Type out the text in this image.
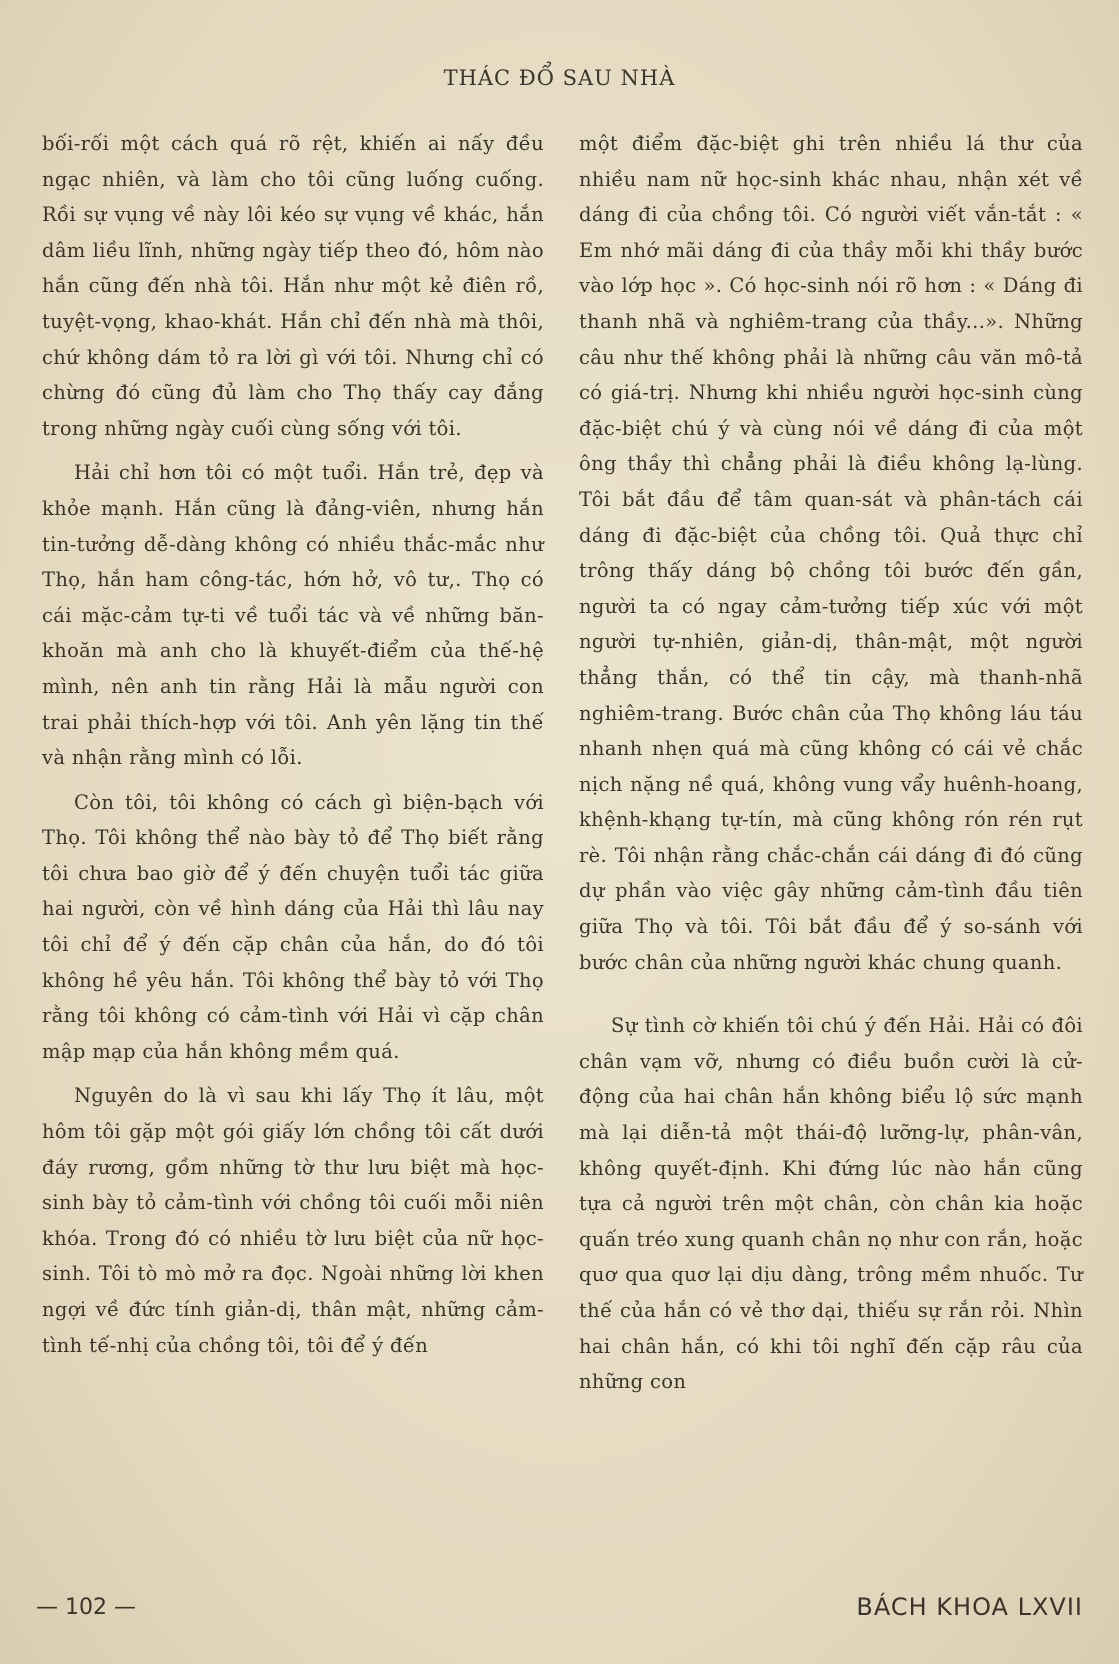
THÁC ĐỔ SAU NHÀ

bối-rối một cách quá rõ rệt, khiến ai nấy đều ngạc nhiên, và làm cho tôi cũng luống cuống. Rồi sự vụng về này lôi kéo sự vụng về khác, hắn dâm liều lĩnh, những ngày tiếp theo đó, hôm nào hắn cũng đến nhà tôi. Hắn như một kẻ điên rồ, tuyệt-vọng, khao-khát. Hắn chỉ đến nhà mà thôi, chứ không dám tỏ ra lời gì với tôi. Nhưng chỉ có chừng đó cũng đủ làm cho Thọ thấy cay đắng trong những ngày cuối cùng sống với tôi.

Hải chỉ hơn tôi có một tuổi. Hắn trẻ, đẹp và khỏe mạnh. Hắn cũng là đảng-viên, nhưng hắn tin-tưởng dễ-dàng không có nhiều thắc-mắc như Thọ, hắn ham công-tác, hớn hở, vô tư,. Thọ có cái mặc-cảm tự-ti về tuổi tác và về những băn-khoăn mà anh cho là khuyết-điểm của thế-hệ mình, nên anh tin rằng Hải là mẫu người con trai phải thích-hợp với tôi. Anh yên lặng tin thế và nhận rằng mình có lỗi.

Còn tôi, tôi không có cách gì biện-bạch với Thọ. Tôi không thể nào bày tỏ để Thọ biết rằng tôi chưa bao giờ để ý đến chuyện tuổi tác giữa hai người, còn về hình dáng của Hải thì lâu nay tôi chỉ để ý đến cặp chân của hắn, do đó tôi không hề yêu hắn. Tôi không thể bày tỏ với Thọ rằng tôi không có cảm-tình với Hải vì cặp chân mập mạp của hắn không mềm quá.

Nguyên do là vì sau khi lấy Thọ ít lâu, một hôm tôi gặp một gói giấy lớn chồng tôi cất dưới đáy rương, gồm những tờ thư lưu biệt mà học-sinh bày tỏ cảm-tình với chồng tôi cuối mỗi niên khóa. Trong đó có nhiều tờ lưu biệt của nữ học-sinh. Tôi tò mò mở ra đọc. Ngoài những lời khen ngợi về đức tính giản-dị, thân mật, những cảm-tình tế-nhị của chồng tôi, tôi để ý đến

một điểm đặc-biệt ghi trên nhiều lá thư của nhiều nam nữ học-sinh khác nhau, nhận xét về dáng đi của chồng tôi. Có người viết vắn-tắt : « Em nhớ mãi dáng đi của thầy mỗi khi thầy bước vào lớp học ». Có học-sinh nói rõ hơn : « Dáng đi thanh nhã và nghiêm-trang của thầy...». Những câu như thế không phải là những câu văn mô-tả có giá-trị. Nhưng khi nhiều người học-sinh cùng đặc-biệt chú ý và cùng nói về dáng đi của một ông thầy thì chẳng phải là điều không lạ-lùng. Tôi bắt đầu để tâm quan-sát và phân-tách cái dáng đi đặc-biệt của chồng tôi. Quả thực chỉ trông thấy dáng bộ chồng tôi bước đến gần, người ta có ngay cảm-tưởng tiếp xúc với một người tự-nhiên, giản-dị, thân-mật, một người thẳng thắn, có thể tin cậy, mà thanh-nhã nghiêm-trang. Bước chân của Thọ không láu táu nhanh nhẹn quá mà cũng không có cái vẻ chắc nịch nặng nề quá, không vung vẩy huênh-hoang, khệnh-khạng tự-tín, mà cũng không rón rén rụt rè. Tôi nhận rằng chắc-chắn cái dáng đi đó cũng dự phần vào việc gây những cảm-tình đầu tiên giữa Thọ và tôi. Tôi bắt đầu để ý so-sánh với bước chân của những người khác chung quanh.

Sự tình cờ khiến tôi chú ý đến Hải. Hải có đôi chân vạm vỡ, nhưng có điều buồn cười là cử-động của hai chân hắn không biểu lộ sức mạnh mà lại diễn-tả một thái-độ lưỡng-lự, phân-vân, không quyết-định. Khi đứng lúc nào hắn cũng tựa cả người trên một chân, còn chân kia hoặc quấn tréo xung quanh chân nọ như con rắn, hoặc quơ qua quơ lại dịu dàng, trông mềm nhuốc. Tư thế của hắn có vẻ thơ dại, thiếu sự rắn rỏi. Nhìn hai chân hắn, có khi tôi nghĩ đến cặp râu của những con

— 102 —	BÁCH KHOA LXVII
